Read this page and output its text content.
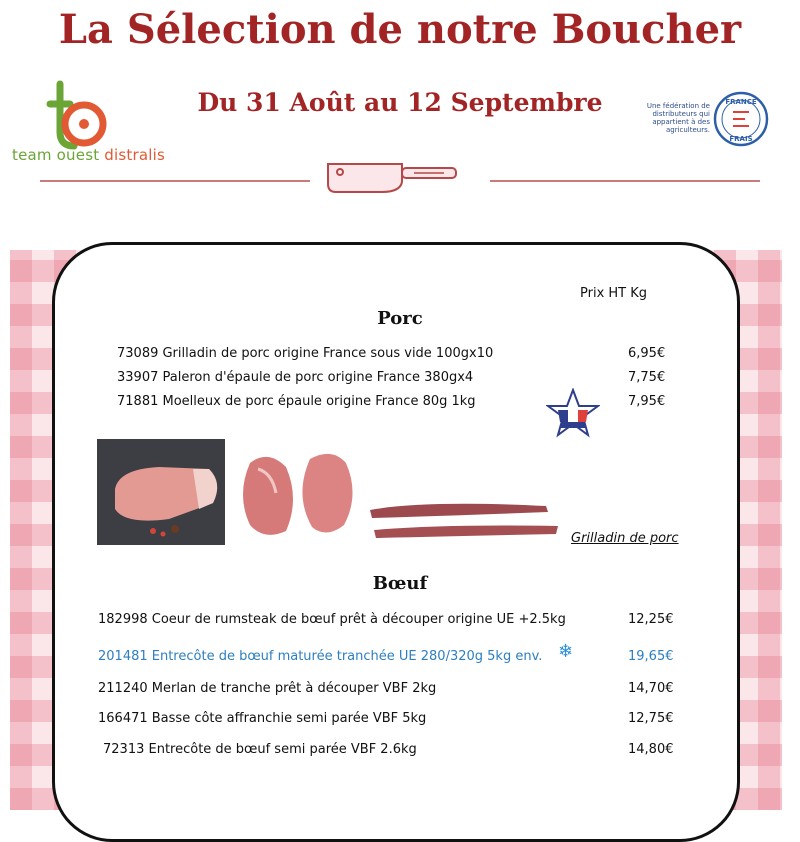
La Sélection de notre Boucher
Du 31 Août au 12 Septembre
team ouest distralis
Une fédération de distributeurs qui appartient à des agriculteurs.
FRANCE
FRAIS
Prix HT Kg
Porc
73089 Grilladin de porc origine France sous vide 100gx10	6,95€
33907 Paleron d'épaule de porc origine France 380gx4	7,75€
71881 Moelleux de porc épaule origine France 80g 1kg	7,95€
Grilladin de porc
Bœuf
182998 Coeur de rumsteak de bœuf prêt à découper origine UE +2.5kg	12,25€
201481 Entrecôte de bœuf maturée tranchée UE 280/320g 5kg env. ❄	19,65€
211240 Merlan de tranche prêt à découper VBF 2kg	14,70€
166471 Basse côte affranchie semi parée VBF 5kg	12,75€
72313 Entrecôte de bœuf semi parée VBF 2.6kg	14,80€
